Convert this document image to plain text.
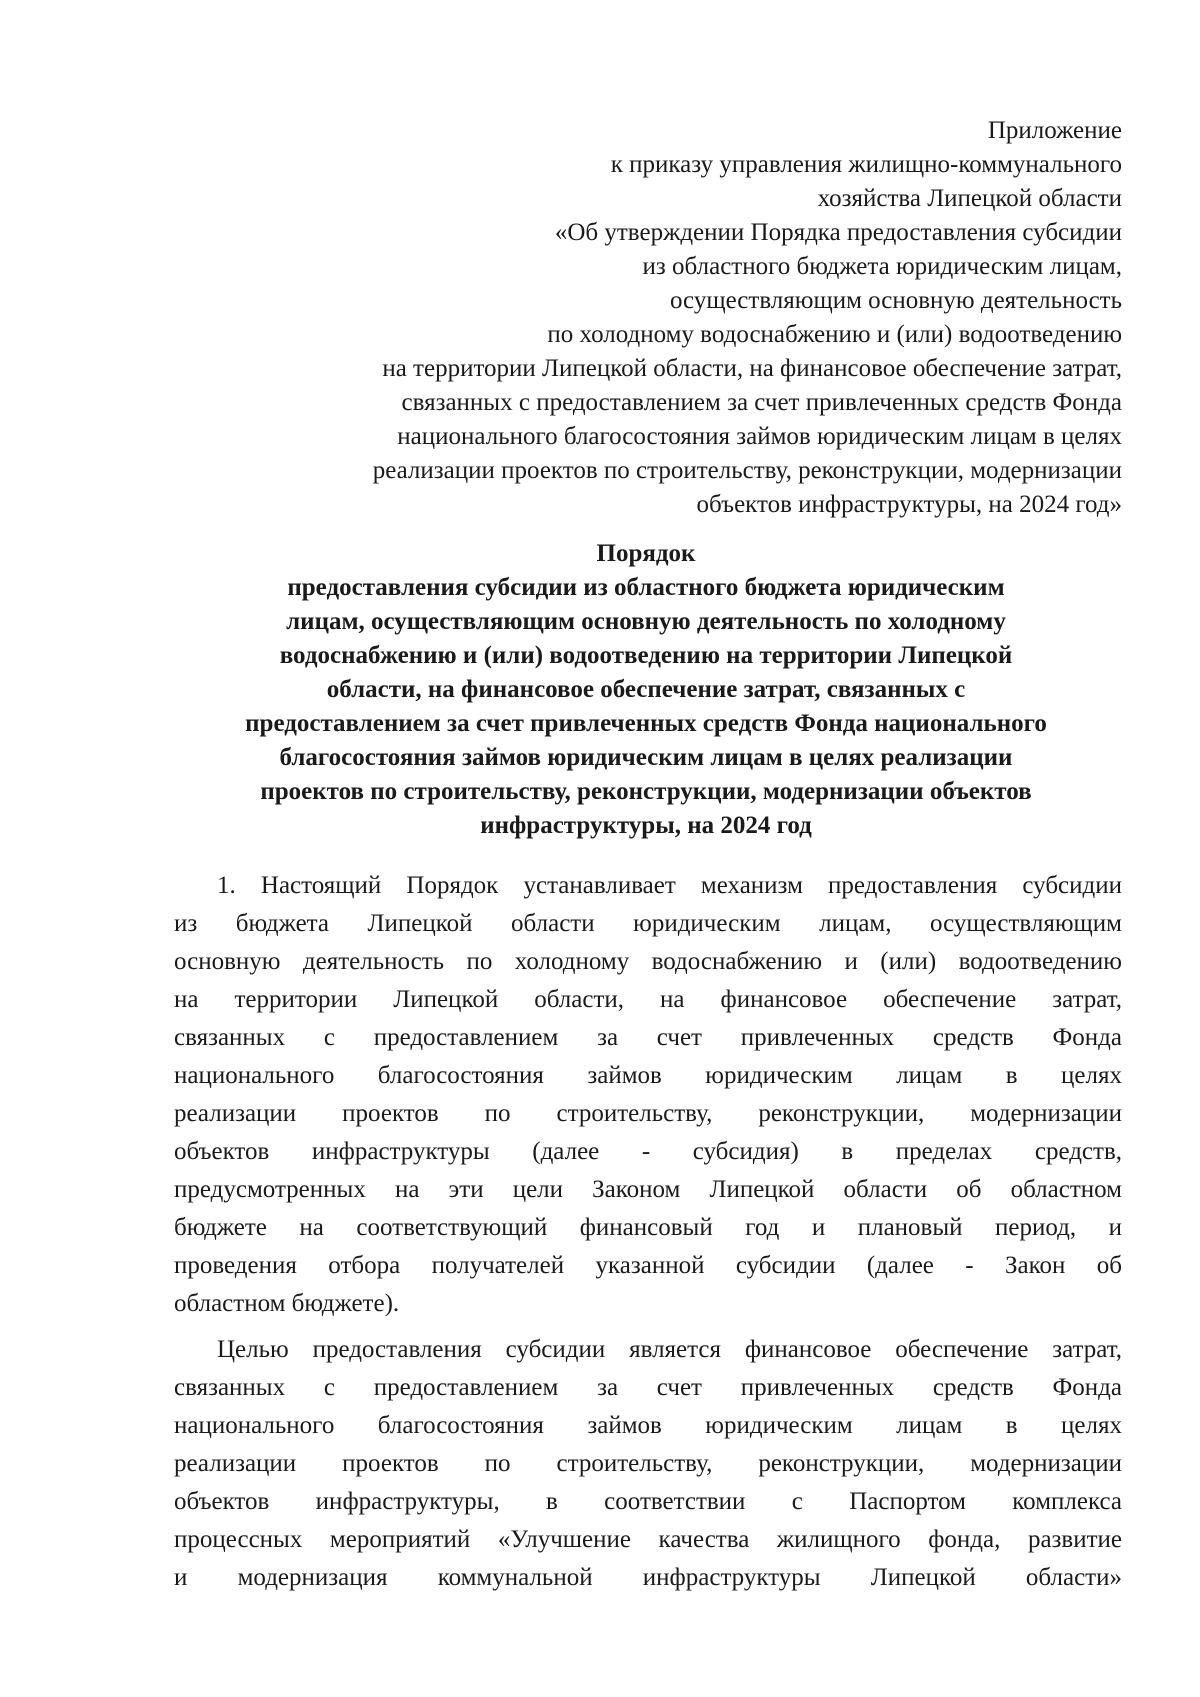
Приложение
к приказу управления жилищно-коммунального
хозяйства Липецкой области
«Об утверждении Порядка предоставления субсидии
из областного бюджета юридическим лицам,
осуществляющим основную деятельность
по холодному водоснабжению и (или) водоотведению
на территории Липецкой области, на финансовое обеспечение затрат,
связанных с предоставлением за счет привлеченных средств Фонда
национального благосостояния займов юридическим лицам в целях
реализации проектов по строительству, реконструкции, модернизации
объектов инфраструктуры, на 2024 год»
Порядок
предоставления субсидии из областного бюджета юридическим
лицам, осуществляющим основную деятельность по холодному
водоснабжению и (или) водоотведению на территории Липецкой
области, на финансовое обеспечение затрат, связанных с
предоставлением за счет привлеченных средств Фонда национального
благосостояния займов юридическим лицам в целях реализации
проектов по строительству, реконструкции, модернизации объектов
инфраструктуры, на 2024 год
1. Настоящий Порядок устанавливает механизм предоставления субсидии
из бюджета Липецкой области юридическим лицам, осуществляющим
основную деятельность по холодному водоснабжению и (или) водоотведению
на территории Липецкой области, на финансовое обеспечение затрат,
связанных с предоставлением за счет привлеченных средств Фонда
национального благосостояния займов юридическим лицам в целях
реализации проектов по строительству, реконструкции, модернизации
объектов инфраструктуры (далее - субсидия) в пределах средств,
предусмотренных на эти цели Законом Липецкой области об областном
бюджете на соответствующий финансовый год и плановый период, и
проведения отбора получателей указанной субсидии (далее - Закон об
областном бюджете).
Целью предоставления субсидии является финансовое обеспечение затрат,
связанных с предоставлением за счет привлеченных средств Фонда
национального благосостояния займов юридическим лицам в целях
реализации проектов по строительству, реконструкции, модернизации
объектов инфраструктуры, в соответствии с Паспортом комплекса
процессных мероприятий «Улучшение качества жилищного фонда, развитие
и модернизация коммунальной инфраструктуры Липецкой области»
